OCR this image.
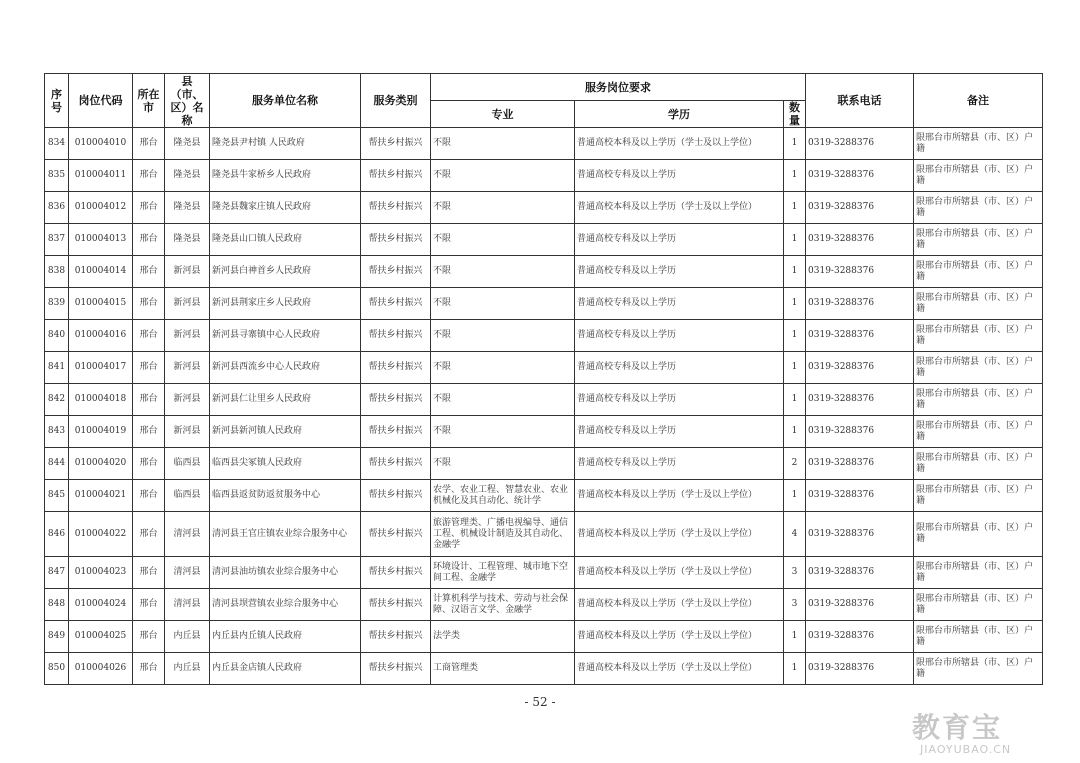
序号	岗位代码	所在市	县（市、区）名称	服务单位名称	服务类别	服务岗位要求			联系电话	备注
						专业	学历	数量		
834	010004010	邢台	隆尧县	隆尧县尹村镇 人民政府	帮扶乡村振兴	不限	普通高校本科及以上学历（学士及以上学位）	1	0319-3288376	限邢台市所辖县（市、区）户籍
835	010004011	邢台	隆尧县	隆尧县牛家桥乡人民政府	帮扶乡村振兴	不限	普通高校专科及以上学历	1	0319-3288376	限邢台市所辖县（市、区）户籍
836	010004012	邢台	隆尧县	隆尧县魏家庄镇人民政府	帮扶乡村振兴	不限	普通高校本科及以上学历（学士及以上学位）	1	0319-3288376	限邢台市所辖县（市、区）户籍
837	010004013	邢台	隆尧县	隆尧县山口镇人民政府	帮扶乡村振兴	不限	普通高校专科及以上学历	1	0319-3288376	限邢台市所辖县（市、区）户籍
838	010004014	邢台	新河县	新河县白神首乡人民政府	帮扶乡村振兴	不限	普通高校专科及以上学历	1	0319-3288376	限邢台市所辖县（市、区）户籍
839	010004015	邢台	新河县	新河县荆家庄乡人民政府	帮扶乡村振兴	不限	普通高校专科及以上学历	1	0319-3288376	限邢台市所辖县（市、区）户籍
840	010004016	邢台	新河县	新河县寻寨镇中心人民政府	帮扶乡村振兴	不限	普通高校专科及以上学历	1	0319-3288376	限邢台市所辖县（市、区）户籍
841	010004017	邢台	新河县	新河县西流乡中心人民政府	帮扶乡村振兴	不限	普通高校专科及以上学历	1	0319-3288376	限邢台市所辖县（市、区）户籍
842	010004018	邢台	新河县	新河县仁让里乡人民政府	帮扶乡村振兴	不限	普通高校专科及以上学历	1	0319-3288376	限邢台市所辖县（市、区）户籍
843	010004019	邢台	新河县	新河县新河镇人民政府	帮扶乡村振兴	不限	普通高校专科及以上学历	1	0319-3288376	限邢台市所辖县（市、区）户籍
844	010004020	邢台	临西县	临西县尖冢镇人民政府	帮扶乡村振兴	不限	普通高校专科及以上学历	2	0319-3288376	限邢台市所辖县（市、区）户籍
845	010004021	邢台	临西县	临西县返贫防返贫服务中心	帮扶乡村振兴	农学、农业工程、智慧农业、农业机械化及其自动化、统计学	普通高校本科及以上学历（学士及以上学位）	1	0319-3288376	限邢台市所辖县（市、区）户籍
846	010004022	邢台	清河县	清河县王官庄镇农业综合服务中心	帮扶乡村振兴	旅游管理类、广播电视编导、通信工程、机械设计制造及其自动化、金融学	普通高校本科及以上学历（学士及以上学位）	4	0319-3288376	限邢台市所辖县（市、区）户籍
847	010004023	邢台	清河县	清河县油坊镇农业综合服务中心	帮扶乡村振兴	环境设计、工程管理、城市地下空间工程、金融学	普通高校本科及以上学历（学士及以上学位）	3	0319-3288376	限邢台市所辖县（市、区）户籍
848	010004024	邢台	清河县	清河县坝营镇农业综合服务中心	帮扶乡村振兴	计算机科学与技术、劳动与社会保障、汉语言文学、金融学	普通高校本科及以上学历（学士及以上学位）	3	0319-3288376	限邢台市所辖县（市、区）户籍
849	010004025	邢台	内丘县	内丘县内丘镇人民政府	帮扶乡村振兴	法学类	普通高校本科及以上学历（学士及以上学位）	1	0319-3288376	限邢台市所辖县（市、区）户籍
850	010004026	邢台	内丘县	内丘县金店镇人民政府	帮扶乡村振兴	工商管理类	普通高校本科及以上学历（学士及以上学位）	1	0319-3288376	限邢台市所辖县（市、区）户籍
- 52 -
教育宝
JIAOYUBAO.CN
